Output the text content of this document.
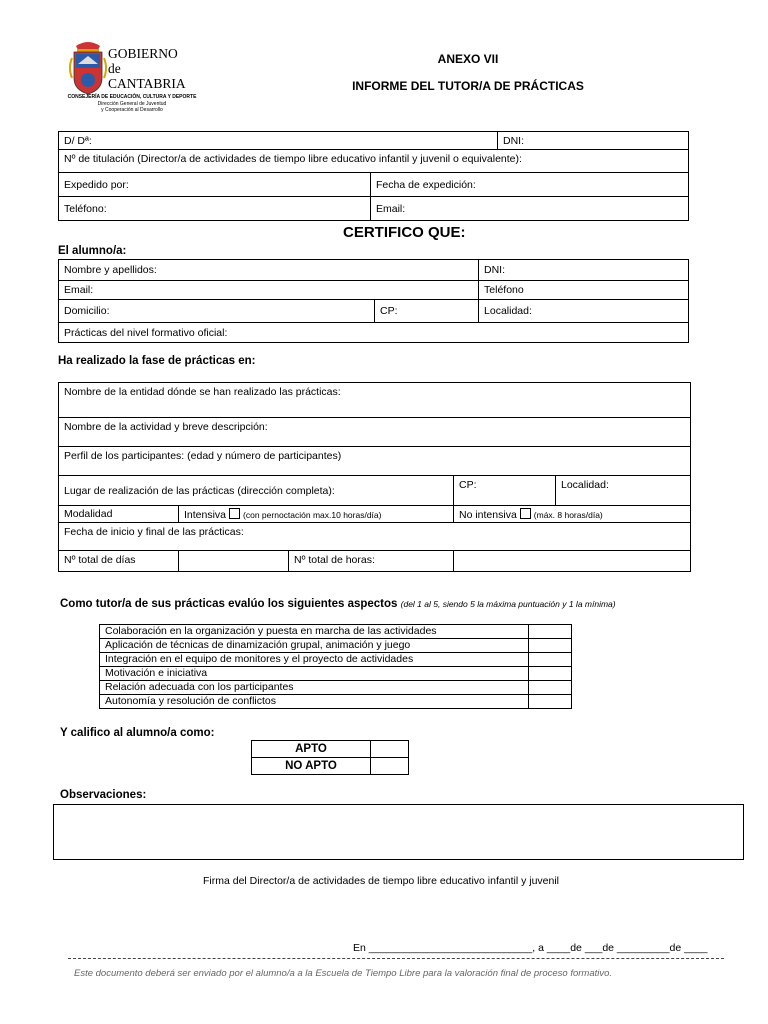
GOBIERNO
de
CANTABRIA
CONSEJERÍA DE EDUCACIÓN, CULTURA Y DEPORTE
Dirección General de Juventud
y Cooperación al Desarrollo
ANEXO VII
INFORME DEL TUTOR/A DE PRÁCTICAS
D/ Dª:		DNI:
Nº de titulación (Director/a de actividades de tiempo libre educativo infantil y juvenil o equivalente):		
Expedido por:	Fecha de expedición:	
Teléfono:	Email:	
CERTIFICO QUE:
El alumno/a:
Nombre y apellidos:		DNI:
Email:		Teléfono
Domicilio:	CP:	Localidad:
Prácticas del nivel formativo oficial:		
Ha realizado la fase de prácticas en:
Nombre de la entidad dónde se han realizado las prácticas:				
Nombre de la actividad y breve descripción:				
Perfil de los participantes: (edad y número de participantes)				
Lugar de realización de las prácticas (dirección completa):			CP:	Localidad:
Modalidad	Intensiva (con pernoctación max.10 horas/día)		No intensiva (máx. 8 horas/día)	
Fecha de inicio y final de las prácticas:				
Nº total de días		Nº total de horas:		
Como tutor/a de sus prácticas evalúo los siguientes aspectos (del 1 al 5, siendo 5 la máxima puntuación y 1 la mínima)
Colaboración en la organización y puesta en marcha de las actividades	
Aplicación de técnicas de dinamización grupal, animación y juego	
Integración en el equipo de monitores y el proyecto de actividades	
Motivación e iniciativa	
Relación adecuada con los participantes	
Autonomía y resolución de conflictos	
Y califico al alumno/a como:
APTO	
NO APTO	
Observaciones:
Firma del Director/a de actividades de tiempo libre educativo infantil y juvenil
En ____________________________, a ____de ___de _________de ____
Este documento deberá ser enviado por el alumno/a a la Escuela de Tiempo Libre para la valoración final de proceso formativo.
